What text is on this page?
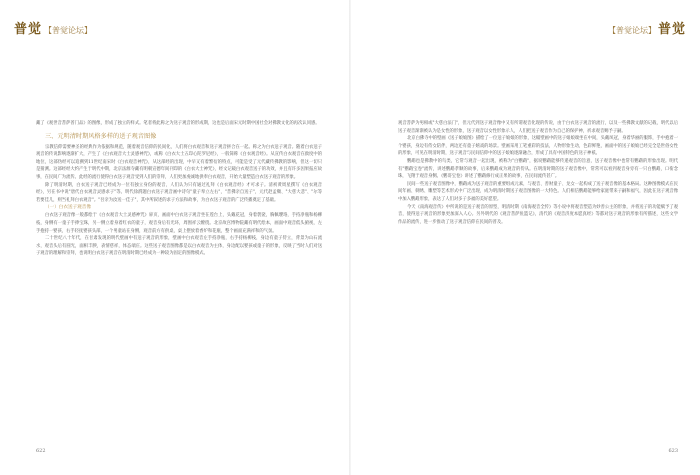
普觉 【普觉论坛】

藏了《观世音菩萨普门品》的图像，形成了独立的样式。笔者将此称之为送子观音的形成期，这也是后面宋元时期中国社会对佛教文化的再次认同感。

三、元明清时期风格多样的送子观音图像

宗教信仰需要神圣的经典作为依据和规范，随着观音信仰的民间化，人们将白衣观音和送子观音拼合在一起。称之为白衣送子观音。随着白衣送子观音的传说影响逐渐扩大，产生了《白衣观音大士灵感神咒》，或称《白衣大士五印心陀罗尼经》，一般简称《白衣观音经》。从宣传白衣观音在救度中的地位，这部伪经可以追溯到11世纪南宋时《白衣观音神咒》，从这部经的出现，中早又有着繁衍的特点，可能是受了元代藏传佛教的影响，但这一切只是猜测。这部经经大约产生于明代中期，北京法源寺藏有明朝宣德年间刊印的《白衣大士神咒》，经文记载白衣观音送子的功效，并且有许多因果报应故事，在民间广为流传。此经的流行使得白衣送子观音受到人们的崇拜，人们更加虔诚地供奉白衣观音，开始大量塑造白衣送子观音的形象。

除了明清时期，白衣送子观音已经成为一位有独立身份的观音，人们认为只有通过礼拜《白衣观音经》才可求子。清初黄周星撰写《白衣观音经》，另在书中说"唐代白衣观音灵感求子"等。明代徐渭题白衣送子观音画中诗句"童子奉立左右"，"昔佛亲自送子"，元代赵孟頫、"大慈大悲"、"尔等若要佳儿，则当礼拜白衣观音"。"吾亲为汝送一佳子"，其中所叙述的求子方法和故事，为白衣送子观音的广泛传播奠定了基础。

（一）白衣送子观音像

白衣送子观音像一般都绘于《白衣观音大士灵感神咒》扉页，画面中白衣送子观音坐在莲台上，头戴花冠，身着袈裟，胸佩璎珞，手持净瓶和杨柳枝，身侧有一童子手捧宝珠，另一侧立着身着红衣的童子，观音身后有光环，周围祥云缭绕。北京故宫博物院藏有明代绘本，画面中观音低头俯视，左手抱持一婴孩，右手轻抚婴孩头部，一个男童站在身侧，观音前方有供桌，桌上摆放着香炉和花瓶，整个画面充满祥和的气氛。

二十世纪八十年代，在甘肃发现的明代壁画中有送子观音的形象，壁画中白衣观音左手持净瓶，右手持杨柳枝，身边有童子侍立，背景为山石流水，观音头后有圆光，面相丰腴，表情慈祥，体态端庄。这些送子观音图像都是以白衣观音为主体，身边配以婴孩或童子的形象，反映了当时人们对送子观音的理解和崇拜，也说明白衣送子观音在明清时期已经成为一种较为固定的图像模式。

622
【普觉论坛】 普觉

观音菩萨为男相或"大慈白法门"，但元代到送子观音像中又有所谓观音化现的传说，由于白衣送子观音的流行，以及一些佛教文献的记载，明代以后送子观音渐渐被认为是女性的形象，送子观音以女性形象示人，人们把送子观音作为自己的保护神，祈求观音赐予子嗣。

北京白佛寺中的壁画《送子娘娘图》描绘了一位送子娘娘的形象，这幅壁画中的送子娘娘端坐在中间，头戴凤冠，身着华丽的服饰，手中抱着一个婴孩，身边有侍女陪伴，两边还有童子嬉戏的场景。壁画采用工笔重彩的技法，人物形象生动，色彩鲜艳，画面中的送子娘娘已经完全是世俗女性的形象，可见在明清时期，送子观音与民间信仰中的送子娘娘逐渐融合，形成了具有中国特色的送子神祇。

鹦鹉也是佛教中的鸟类，它常与观音一起出现，被称为"白鹦鹉"，据说鹦鹉能够传递观音的旨意，送子观音像中也常有鹦鹉的形象出现。明代有"鹦鹉宝卷"流传，讲述鹦鹉孝顺的故事，后来鹦鹉成为观音的侍从。在明清时期的送子观音像中，常常可以看到观音身旁有一只白鹦鹉，口衔念珠，飞翔于观音身侧。《鹦哥宝卷》讲述了鹦鹉修行成正果的故事，在民间流传甚广。

民间一些送子观音图像中，鹦鹉成为送子观音的重要组成元素，与观音、善财童子、龙女一起构成了送子观音像的基本格局。这种图像模式在民间年画、刺绣、雕塑等艺术形式中广泛出现，成为明清时期送子观音图像的一大特色。人们相信鹦鹉能够给家庭带来子嗣和福气，因此在送子观音像中加入鹦鹉形象，表达了人们对多子多福的美好愿望。

今天《南海观音传》中所说的是送子观音的原型，明清时期《南海观音全传》等小说中将观音塑造为妙善公主的形象，并将送子的功能赋予了观音，使得送子观音的形象更加深入人心。另外明代的《观音菩萨鱼篮记》，清代的《观音济度本愿真经》等都对送子观音的形象有所描述，这些文学作品的流传，进一步推动了送子观音信仰在民间的普及。

623
